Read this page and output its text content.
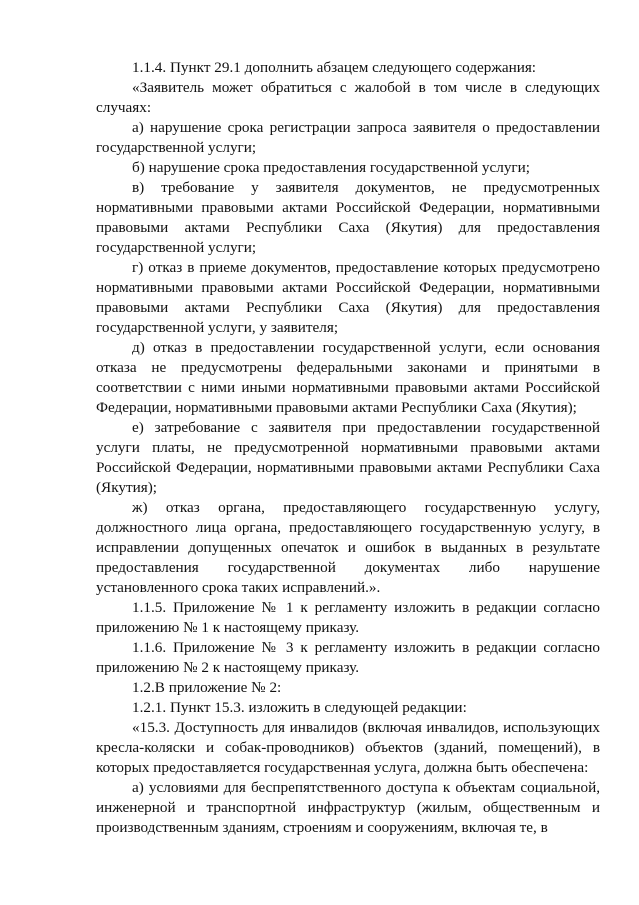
1.1.4. Пункт 29.1 дополнить абзацем следующего содержания:

«Заявитель может обратиться с жалобой в том числе в следующих случаях:

а) нарушение срока регистрации запроса заявителя о предоставлении государственной услуги;

б) нарушение срока предоставления государственной услуги;

в) требование у заявителя документов, не предусмотренных нормативными правовыми актами Российской Федерации, нормативными правовыми актами Республики Саха (Якутия) для предоставления государственной услуги;

г) отказ в приеме документов, предоставление которых предусмотрено нормативными правовыми актами Российской Федерации, нормативными правовыми актами Республики Саха (Якутия) для предоставления государственной услуги, у заявителя;

д) отказ в предоставлении государственной услуги, если основания отказа не предусмотрены федеральными законами и принятыми в соответствии с ними иными нормативными правовыми актами Российской Федерации, нормативными правовыми актами Республики Саха (Якутия);

е) затребование с заявителя при предоставлении государственной услуги платы, не предусмотренной нормативными правовыми актами Российской Федерации, нормативными правовыми актами Республики Саха (Якутия);

ж) отказ органа, предоставляющего государственную услугу, должностного лица органа, предоставляющего государственную услугу, в исправлении допущенных опечаток и ошибок в выданных в результате предоставления государственной документах либо нарушение установленного срока таких исправлений.».

1.1.5. Приложение № 1 к регламенту изложить в редакции согласно приложению № 1 к настоящему приказу.

1.1.6. Приложение № 3 к регламенту изложить в редакции согласно приложению № 2 к настоящему приказу.

1.2.В приложение № 2:

1.2.1. Пункт 15.3. изложить в следующей редакции:

«15.3. Доступность для инвалидов (включая инвалидов, использующих кресла-коляски и собак-проводников) объектов (зданий, помещений), в которых предоставляется государственная услуга, должна быть обеспечена:

а) условиями для беспрепятственного доступа к объектам социальной, инженерной и транспортной инфраструктур (жилым, общественным и производственным зданиям, строениям и сооружениям, включая те, в
